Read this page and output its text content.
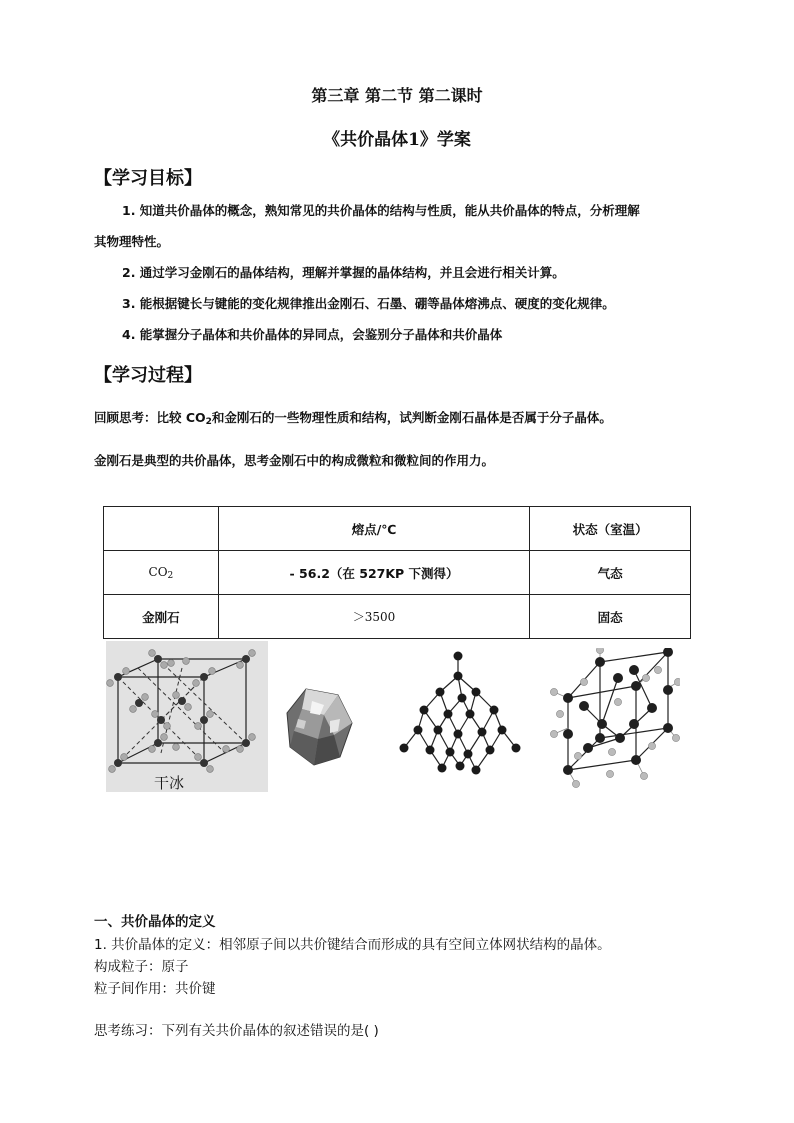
第三章 第二节 第二课时
《共价晶体1》学案
【学习目标】
1. 知道共价晶体的概念，熟知常见的共价晶体的结构与性质，能从共价晶体的特点，分析理解
其物理特性。
2. 通过学习金刚石的晶体结构，理解并掌握的晶体结构，并且会进行相关计算。
3. 能根据键长与键能的变化规律推出金刚石、石墨、硼等晶体熔沸点、硬度的变化规律。
4. 能掌握分子晶体和共价晶体的异同点，会鉴别分子晶体和共价晶体
【学习过程】
回顾思考：比较 $CO_2$和金刚石的一些物理性质和结构，试判断金刚石晶体是否属于分子晶体。
金刚石是典型的共价晶体，思考金刚石中的构成微粒和微粒间的作用力。
	熔点/℃	状态（室温）
$CO_2$	- 56.2（在 527KP 下测得）	气态
金刚石	＞3500	固态
干冰
一、共价晶体的定义
1. 共价晶体的定义：相邻原子间以共价键结合而形成的具有空间立体网状结构的晶体。
构成粒子：原子
粒子间作用：共价键
思考练习：下列有关共价晶体的叙述错误的是( )
